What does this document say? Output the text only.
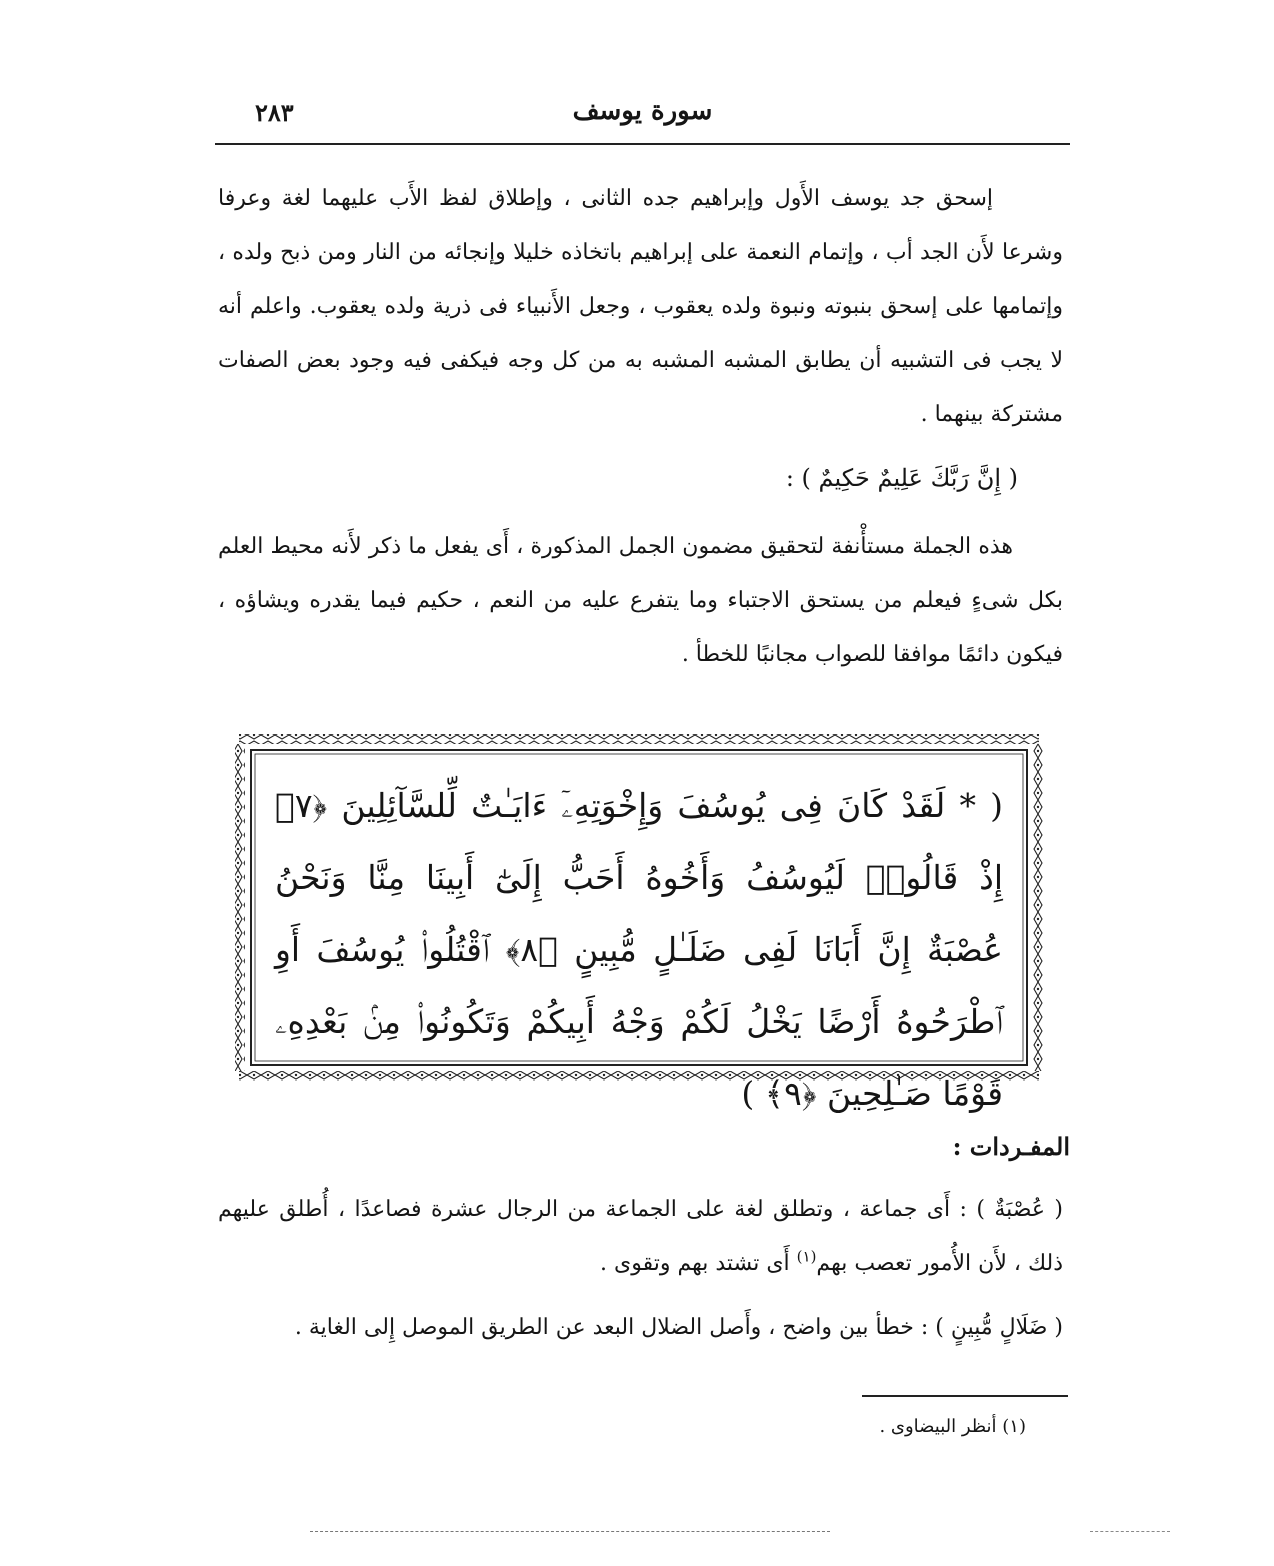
٢٨٣	سورة يوسف

إسحق جد يوسف الأَول وإبراهيم جده الثانى ، وإطلاق لفظ الأَب عليهما لغة وعرفا وشرعا لأَن الجد أب ، وإتمام النعمة على إبراهيم باتخاذه خليلا وإنجائه من النار ومن ذبح ولده ، وإتمامها على إسحق بنبوته ونبوة ولده يعقوب ، وجعل الأَنبياء فى ذرية ولده يعقوب. واعلم أنه لا يجب فى التشبيه أن يطابق المشبه المشبه به من كل وجه فيكفى فيه وجود بعض الصفات مشتركة بينهما .

( إِنَّ رَبَّكَ عَلِيمٌ حَكِيمٌ ) :

هذه الجملة مستأْنفة لتحقيق مضمون الجمل المذكورة ، أَى يفعل ما ذكر لأَنه محيط العلم بكل شىءٍ فيعلم من يستحق الاجتباء وما يتفرع عليه من النعم ، حكيم فيما يقدره ويشاؤه ، فيكون دائمًا موافقا للصواب مجانبًا للخطأ .

( * لَقَدْ كَانَ فِى يُوسُفَ وَإِخْوَتِهِۦٓ ءَايَـٰتٌ لِّلسَّآئِلِينَ ﴿٧﴾ إِذْ قَالُوا۟ لَيُوسُفُ وَأَخُوهُ أَحَبُّ إِلَىٰٓ أَبِينَا مِنَّا وَنَحْنُ عُصْبَةٌ إِنَّ أَبَانَا لَفِى ضَلَـٰلٍ مُّبِينٍ ﴿٨﴾ ٱقْتُلُوا۟ يُوسُفَ أَوِ ٱطْرَحُوهُ أَرْضًا يَخْلُ لَكُمْ وَجْهُ أَبِيكُمْ وَتَكُونُوا۟ مِنۢ بَعْدِهِۦ قَوْمًا صَـٰلِحِينَ ﴿٩﴾ )
المفـردات :

( عُصْبَةٌ ) : أَى جماعة ، وتطلق لغة على الجماعة من الرجال عشرة فصاعدًا ، أُطلق عليهم ذلك ، لأَن الأُمور تعصب بهم$^{(١)}$ أَى تشتد بهم وتقوى .

( ضَلَالٍ مُّبِينٍ ) : خطأ بين واضح ، وأَصل الضلال البعد عن الطريق الموصل إِلى الغاية .

(١) أنظر البيضاوى .
